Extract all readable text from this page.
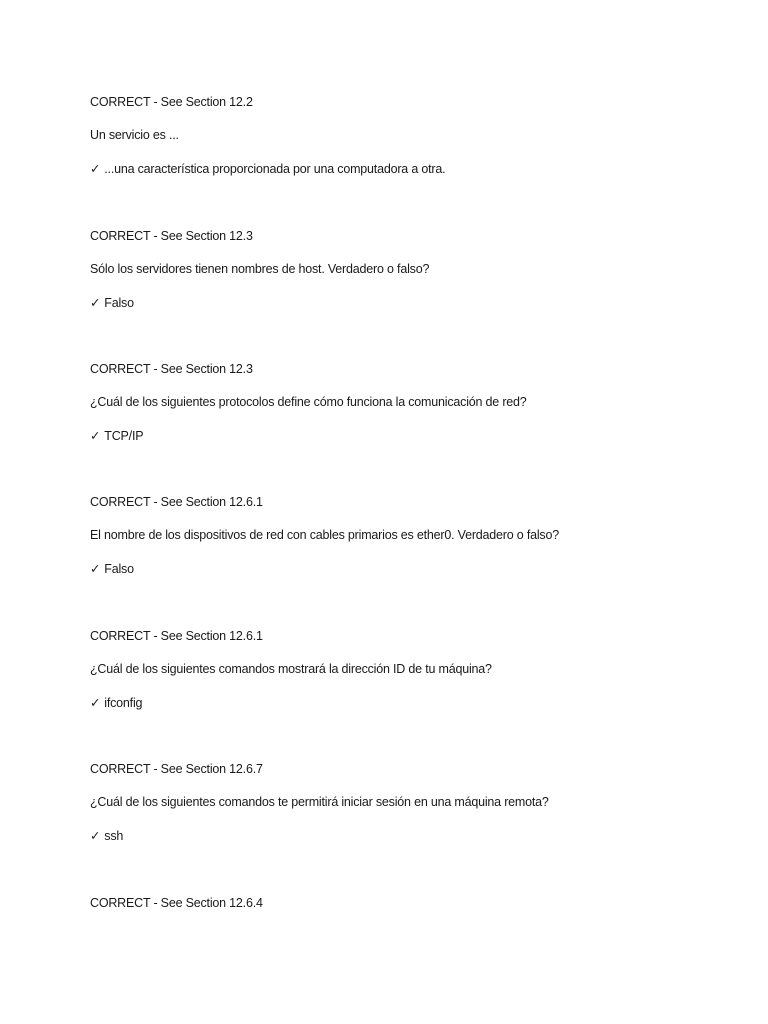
CORRECT - See Section 12.2
Un servicio es ...
✓ ...una característica proporcionada por una computadora a otra.
CORRECT - See Section 12.3
Sólo los servidores tienen nombres de host. Verdadero o falso?
✓ Falso
CORRECT - See Section 12.3
¿Cuál de los siguientes protocolos define cómo funciona la comunicación de red?
✓ TCP/IP
CORRECT - See Section 12.6.1
El nombre de los dispositivos de red con cables primarios es ether0. Verdadero o falso?
✓ Falso
CORRECT - See Section 12.6.1
¿Cuál de los siguientes comandos mostrará la dirección ID de tu máquina?
✓ ifconfig
CORRECT - See Section 12.6.7
¿Cuál de los siguientes comandos te permitirá iniciar sesión en una máquina remota?
✓ ssh
CORRECT - See Section 12.6.4
